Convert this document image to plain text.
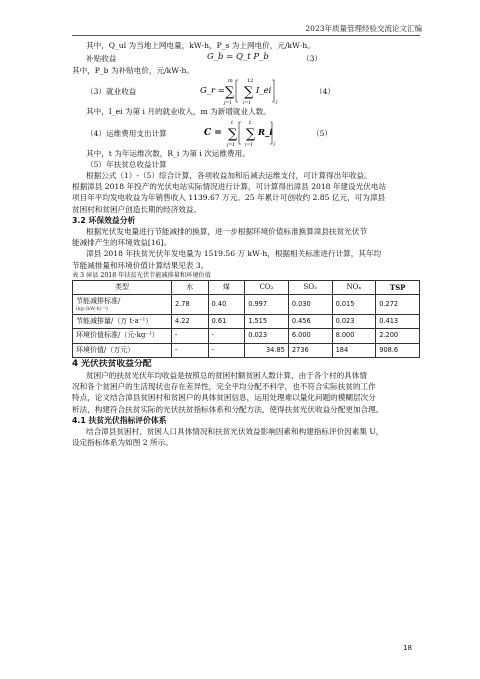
2023年质量管理经验交流论文汇编
其中，Q_ul 为当地上网电量，kW·h，P_s 为上网电价，元/kW·h。
补贴收益	G_b = Q_t P_b	（3）
其中，P_b 为补贴电价，元/kW·h。
（3）就业收益	G_r =
m
∑
j=1
12
∑
i=1
I_ei
j
（4）
其中，I_ei 为第 i 月的就业收入，m 为新增就业人数。
（4）运维费用支出计算	C =
t
∑
j=1
t
∑
i=1
R_i
j
（5）
其中，t 为年运维次数，R_i 为第 i 次运维费用。
（5）年扶贫总收益计算
根据公式（1）-（5）综合计算，各项收益加和后减去运维支付，可计算得出年收益。
根据漳县 2018 年投产的光伏电站实际情况进行计算，可计算得出漳县 2018 年建设光伏电站
项目年平均发电收益为年销售收入 1139.67 万元。25 年累计可创收约 2.85 亿元，可为漳县
贫困村和贫困户创造长期的经济效益。
3.2 环保效益分析
根据光伏发电量进行节能减排的换算，进一步根据环境价值标准换算漳县扶贫光伏节
能减排产生的环境效益[16]。
漳县 2018 年扶贫光伏年发电量为 1519.56 万 kW·h，根据相关标准进行计算，其年均
节能减排量和环境价值计算结果见表 3。
表 3 漳县 2018 年扶贫光伏节能减排量和环境价值
类型	水	煤	CO₂	SO₂	NOₓ	TSP
节能减排标准/
(kg·(kW·h)⁻¹)	2.78	0.40	0.997	0.030	0.015	0.272
节能减排量/（万 t·a⁻¹）	4.22	0.61	1.515	0.456	0.023	0.413
环境价值标准/（元·kg⁻¹）	-	-	0.023	6.000	8.000	2.200
环境价值/（万元）	-	-	34.85	2736	184	908.6
4 光伏扶贫收益分配
贫困户的扶贫光伏年均收益是按照总的贫困村额贫困人数计算，由于各个村的具体情
况和各个贫困户的生活现状也存在差异性，完全平均分配不科学，也不符合实际扶贫的工作
特点，论文结合漳县贫困村和贫困户的具体贫困信息，运用处理难以量化问题的模糊层次分
析法，构建符合扶贫实际的光伏扶贫指标体系和分配方法，使得扶贫光伏收益分配更加合理。
4.1 扶贫光伏指标评价体系
结合漳县贫困村、贫困人口具体情况和扶贫光伏效益影响因素和构建指标评价因素集 U，
设定指标体系为如图 2 所示。
18
